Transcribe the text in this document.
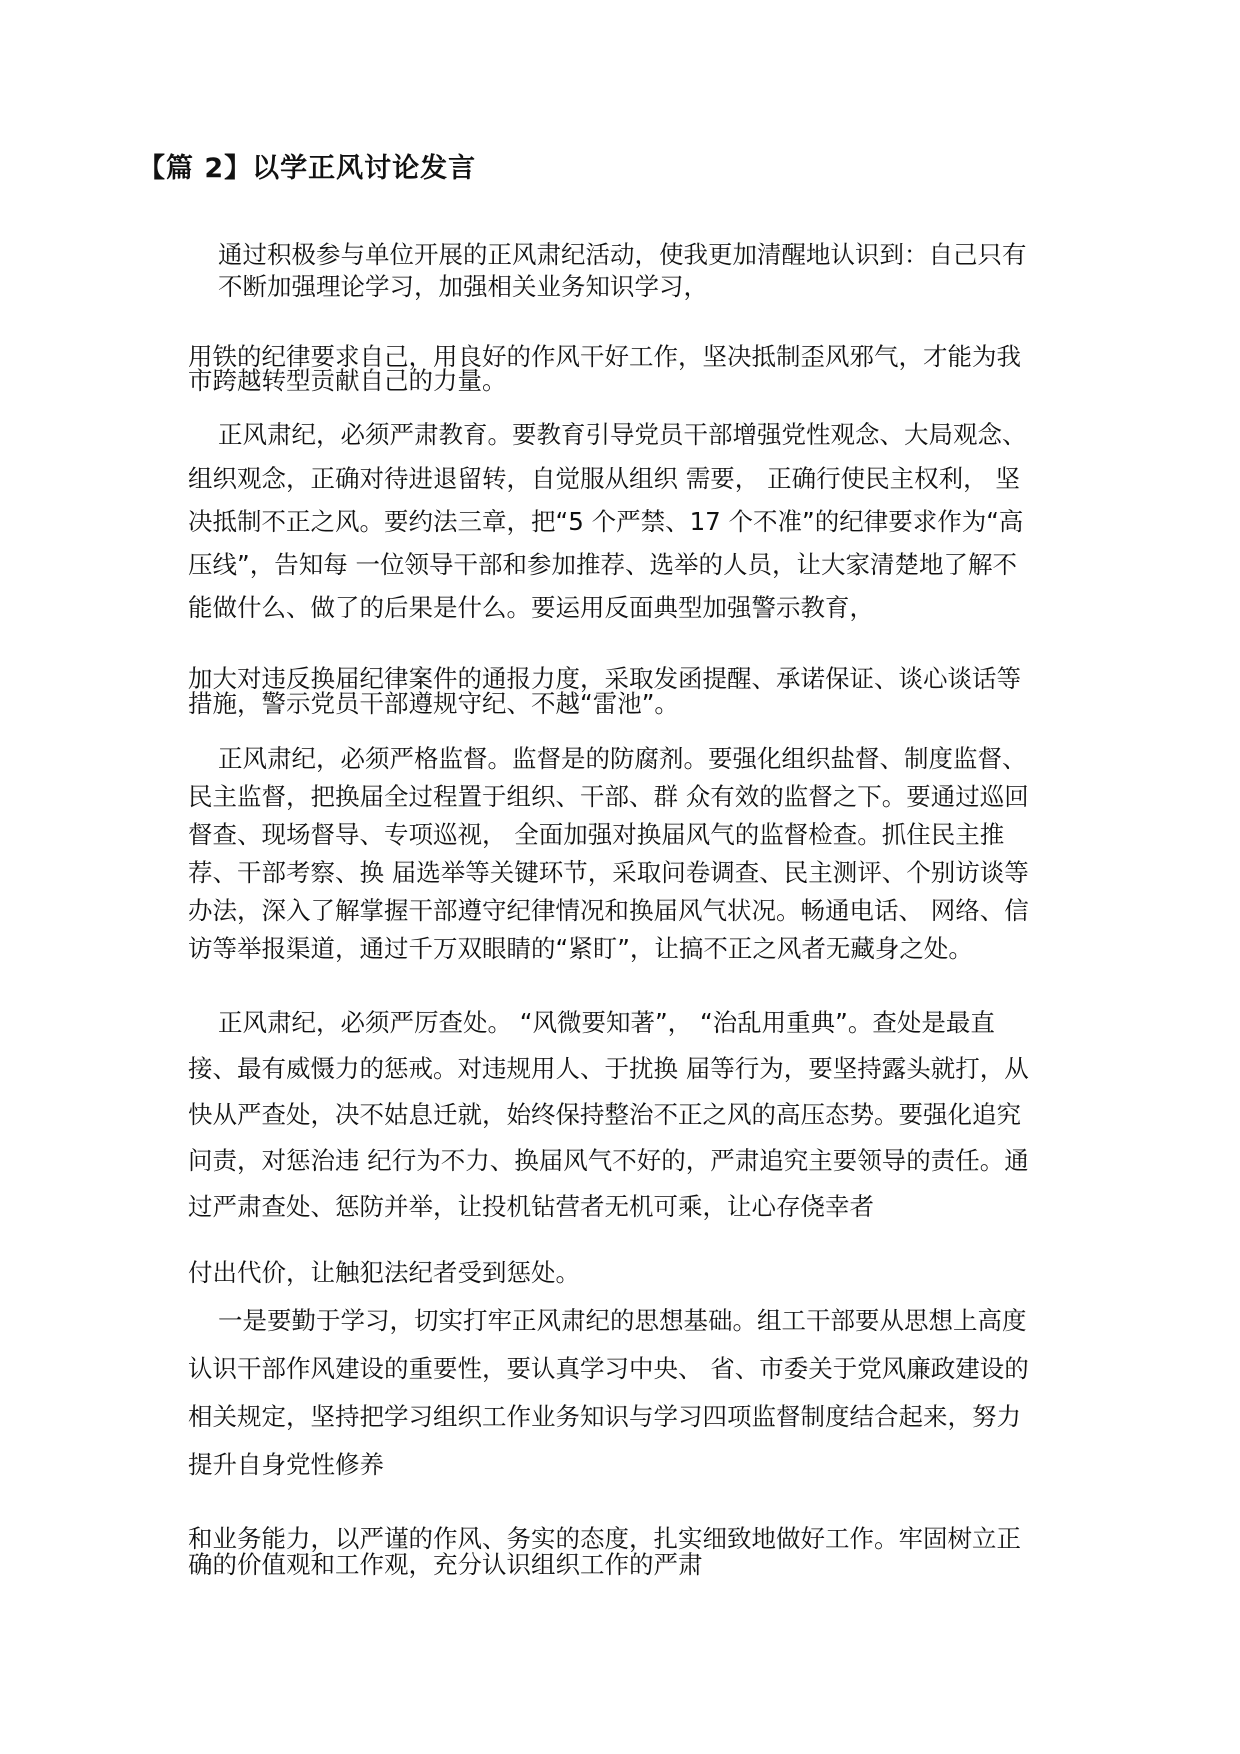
【篇 2】以学正风讨论发言

通过积极参与单位开展的正风肃纪活动，使我更加清醒地认识到：自己只有

不断加强理论学习，加强相关业务知识学习，

用铁的纪律要求自己，用良好的作风干好工作，坚决抵制歪风邪气，才能为我

市跨越转型贡献自己的力量。

正风肃纪，必须严肃教育。要教育引导党员干部增强党性观念、大局观念、

组织观念，正确对待进退留转，自觉服从组织 需要， 正确行使民主权利， 坚

决抵制不正之风。要约法三章，把“5 个严禁、17 个不准”的纪律要求作为“高

压线”，告知每 一位领导干部和参加推荐、选举的人员，让大家清楚地了解不

能做什么、做了的后果是什么。要运用反面典型加强警示教育，

加大对违反换届纪律案件的通报力度，采取发函提醒、承诺保证、谈心谈话等

措施，警示党员干部遵规守纪、不越“雷池”。

正风肃纪，必须严格监督。监督是的防腐剂。要强化组织盐督、制度监督、

民主监督，把换届全过程置于组织、干部、群 众有效的监督之下。要通过巡回

督查、现场督导、专项巡视， 全面加强对换届风气的监督检查。抓住民主推

荐、干部考察、换 届选举等关键环节，采取问卷调查、民主测评、个别访谈等

办法，深入了解掌握干部遵守纪律情况和换届风气状况。畅通电话、 网络、信

访等举报渠道，通过千万双眼睛的“紧盯”，让搞不正之风者无藏身之处。

正风肃纪，必须严厉查处。 “风微要知著”， “治乱用重典”。查处是最直

接、最有威慑力的惩戒。对违规用人、于扰换 届等行为，要坚持露头就打，从

快从严查处，决不姑息迁就，始终保持整治不正之风的高压态势。要强化追究

问责，对惩治违 纪行为不力、换届风气不好的，严肃追究主要领导的责任。通

过严肃查处、惩防并举，让投机钻营者无机可乘，让心存侥幸者

付出代价，让触犯法纪者受到惩处。

一是要勤于学习，切实打牢正风肃纪的思想基础。组工干部要从思想上高度

认识干部作风建设的重要性，要认真学习中央、 省、市委关于党风廉政建设的

相关规定，坚持把学习组织工作业务知识与学习四项监督制度结合起来，努力

提升自身党性修养

和业务能力，以严谨的作风、务实的态度，扎实细致地做好工作。牢固树立正

确的价值观和工作观，充分认识组织工作的严肃
